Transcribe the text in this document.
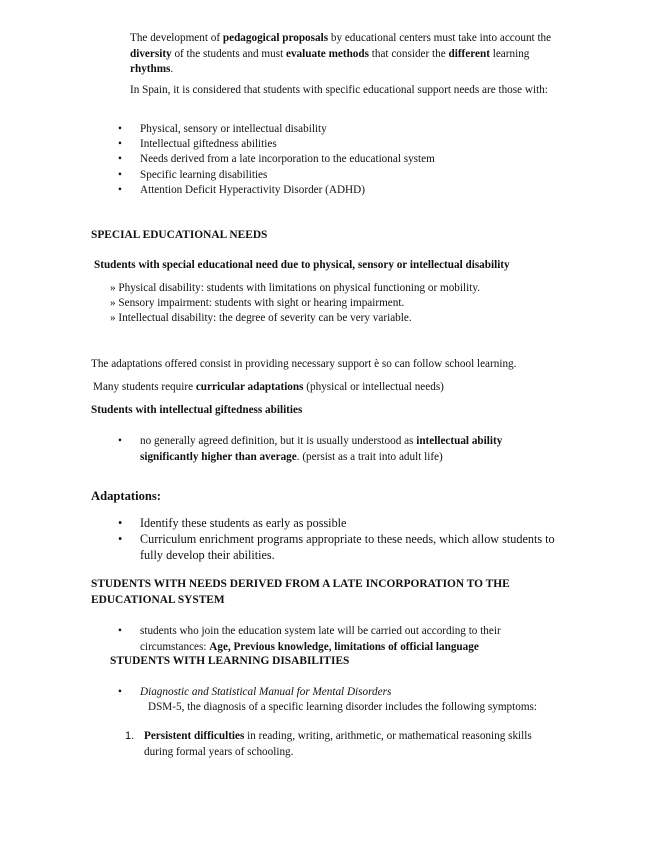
The development of pedagogical proposals by educational centers must take into account the diversity of the students and must evaluate methods that consider the different learning rhythms.
In Spain, it is considered that students with specific educational support needs are those with:
• Physical, sensory or intellectual disability
• Intellectual giftedness abilities
• Needs derived from a late incorporation to the educational system
• Specific learning disabilities
• Attention Deficit Hyperactivity Disorder (ADHD)
SPECIAL EDUCATIONAL NEEDS
Students with special educational need due to physical, sensory or intellectual disability
» Physical disability: students with limitations on physical functioning or mobility.
» Sensory impairment: students with sight or hearing impairment.
» Intellectual disability: the degree of severity can be very variable.
The adaptations offered consist in providing necessary support è so can follow school learning.
Many students require curricular adaptations (physical or intellectual needs)
Students with intellectual giftedness abilities
• no generally agreed definition, but it is usually understood as intellectual ability significantly higher than average. (persist as a trait into adult life)
Adaptations:
• Identify these students as early as possible
• Curriculum enrichment programs appropriate to these needs, which allow students to fully develop their abilities.
STUDENTS WITH NEEDS DERIVED FROM A LATE INCORPORATION TO THE
EDUCATIONAL SYSTEM
• students who join the education system late will be carried out according to their circumstances: Age, Previous knowledge, limitations of official language
STUDENTS WITH LEARNING DISABILITIES
• Diagnostic and Statistical Manual for Mental Disorders
DSM-5, the diagnosis of a specific learning disorder includes the following symptoms:
1. Persistent difficulties in reading, writing, arithmetic, or mathematical reasoning skills during formal years of schooling.
